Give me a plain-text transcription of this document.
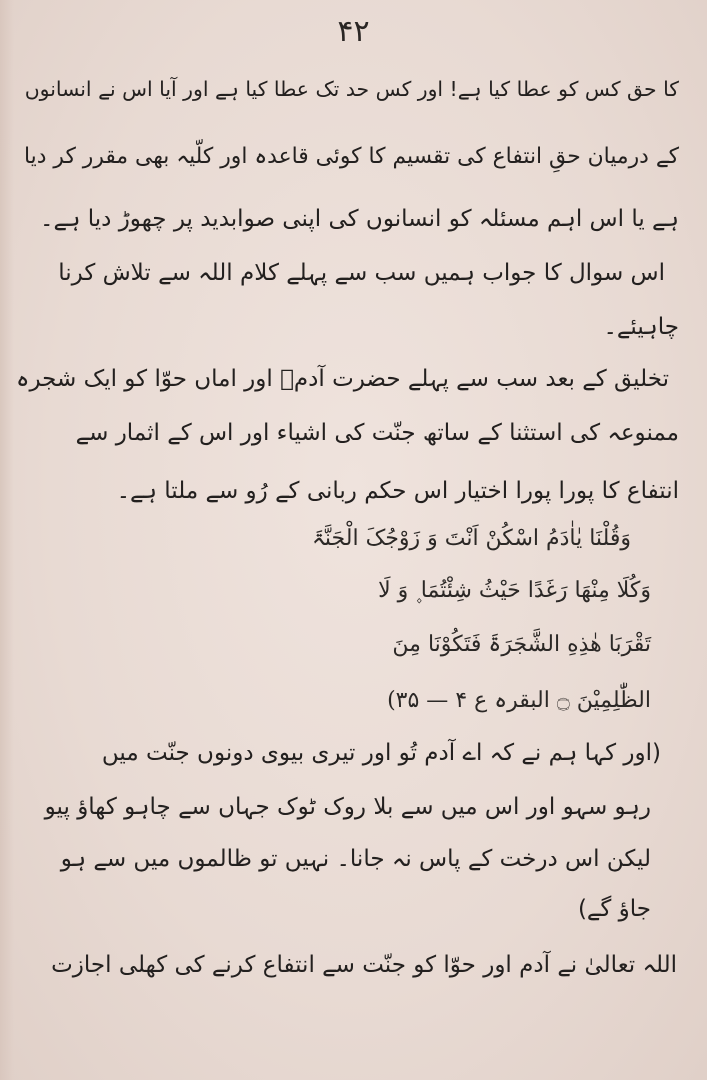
۴۲
کا حق کس کو عطا کیا ہے! اور کس حد تک عطا کیا ہے اور آیا اس نے انسانوں
کے درمیان حقِ انتفاع کی تقسیم کا کوئی قاعدہ اور کلّیہ بھی مقرر کر دیا
ہے یا اس اہم مسئلہ کو انسانوں کی اپنی صوابدید پر چھوڑ دیا ہے۔
اس سوال کا جواب ہمیں سب سے پہلے کلام اللہ سے تلاش کرنا
چاہیئے۔
تخلیق کے بعد سب سے پہلے حضرت آدمؑ اور اماں حوّا کو ایک شجرہ
ممنوعہ کی استثنا کے ساتھ جنّت کی اشیاء اور اس کے اثمار سے
انتفاع کا پورا پورا اختیار اس حکم ربانی کے رُو سے ملتا ہے۔
وَقُلْنَا یٰاٰدَمُ اسْکُنْ اَنْتَ وَ زَوْجُکَ الْجَنَّۃَ
وَکُلَا مِنْهَا رَغَدًا حَیْثُ شِئْتُمَا ۪ وَ لَا
تَقْرَبَا هٰذِهِ الشَّجَرَۃَ فَتَکُوْنَا مِنَ
الظّٰلِمِیْنَ ۝ البقرہ ع ۴ — ۳۵)
(اور کہا ہم نے کہ اے آدم تُو اور تیری بیوی دونوں جنّت میں
رہو سہو اور اس میں سے بلا روک ٹوک جہاں سے چاہو کھاؤ پیو
لیکن اس درخت کے پاس نہ جانا۔ نہیں تو ظالموں میں سے ہو
جاؤ گے)
اللہ تعالیٰ نے آدم اور حوّا کو جنّت سے انتفاع کرنے کی کھلی اجازت
